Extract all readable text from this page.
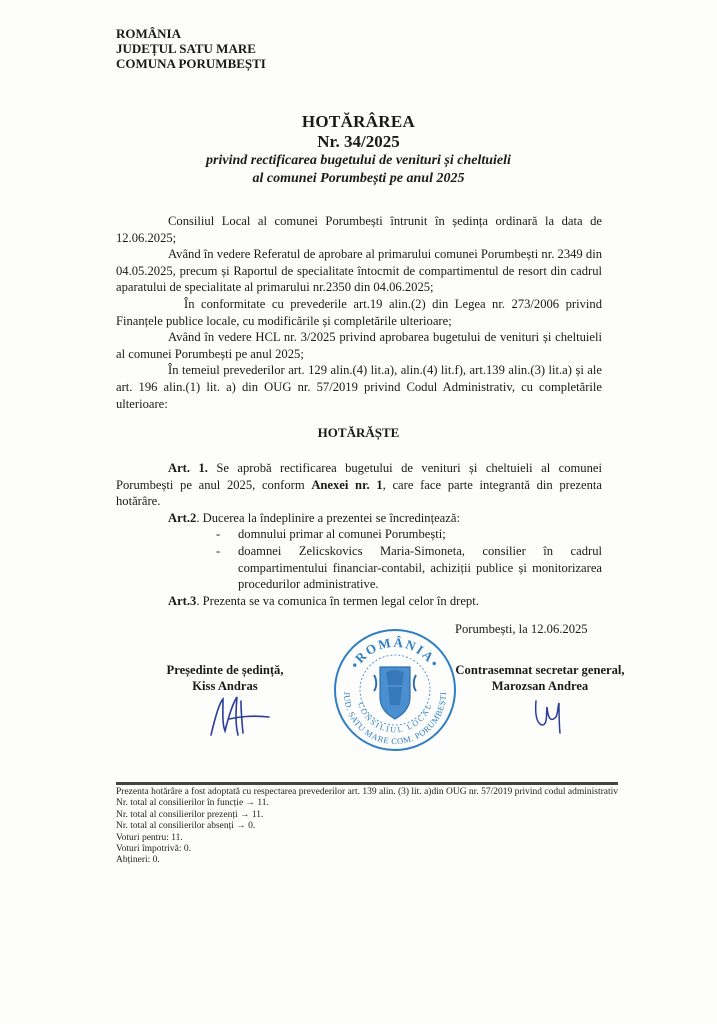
ROMÂNIA
JUDEȚUL SATU MARE
COMUNA PORUMBEȘTI
HOTĂRÂREA
Nr. 34/2025
privind rectificarea bugetului de venituri și cheltuieli
al comunei Porumbești pe anul 2025

Consiliul Local al comunei Porumbești întrunit în ședința ordinară la data de 12.06.2025;

Având în vedere Referatul de aprobare al primarului comunei Porumbești nr. 2349 din 04.05.2025, precum și Raportul de specialitate întocmit de compartimentul de resort din cadrul aparatului de specialitate al primarului nr.2350 din 04.06.2025;

În conformitate cu prevederile art.19 alin.(2) din Legea nr. 273/2006 privind Finanțele publice locale, cu modificările și completările ulterioare;

Având în vedere HCL nr. 3/2025 privind aprobarea bugetului de venituri și cheltuieli al comunei Porumbești pe anul 2025;

În temeiul prevederilor art. 129 alin.(4) lit.a), alin.(4) lit.f), art.139 alin.(3) lit.a) și ale art. 196 alin.(1) lit. a) din OUG nr. 57/2019 privind Codul Administrativ, cu completările ulterioare:

HOTĂRĂȘTE

Art. 1. Se aprobă rectificarea bugetului de venituri și cheltuieli al comunei Porumbești pe anul 2025, conform Anexei nr. 1, care face parte integrantă din prezenta hotărâre.

Art.2. Ducerea la îndeplinire a prezentei se încredințează:

- domnului primar al comunei Porumbești;
- doamnei Zelicskovics Maria-Simoneta, consilier în cadrul compartimentului financiar-contabil, achiziții publice și monitorizarea procedurilor administrative.

Art.3. Prezenta se va comunica în termen legal celor în drept.

Porumbești, la 12.06.2025
Președinte de ședință,
Kiss Andras
Contrasemnat secretar general,
Marozsan Andrea
•ROMÂNIA•
JUD. SATU MARE COM. PORUMBEȘTI
CONSILIUL LOCAL

Prezenta hotărâre a fost adoptată cu respectarea prevederilor art. 139 alin. (3) lit. a)din OUG nr. 57/2019 privind codul administrativ

Nr. total al consilierilor în funcție → 11.

Nr. total al consilierilor prezenți → 11.

Nr. total al consilierilor absenți → 0.

Voturi pentru: 11.

Voturi împotrivă: 0.

Abțineri: 0.
